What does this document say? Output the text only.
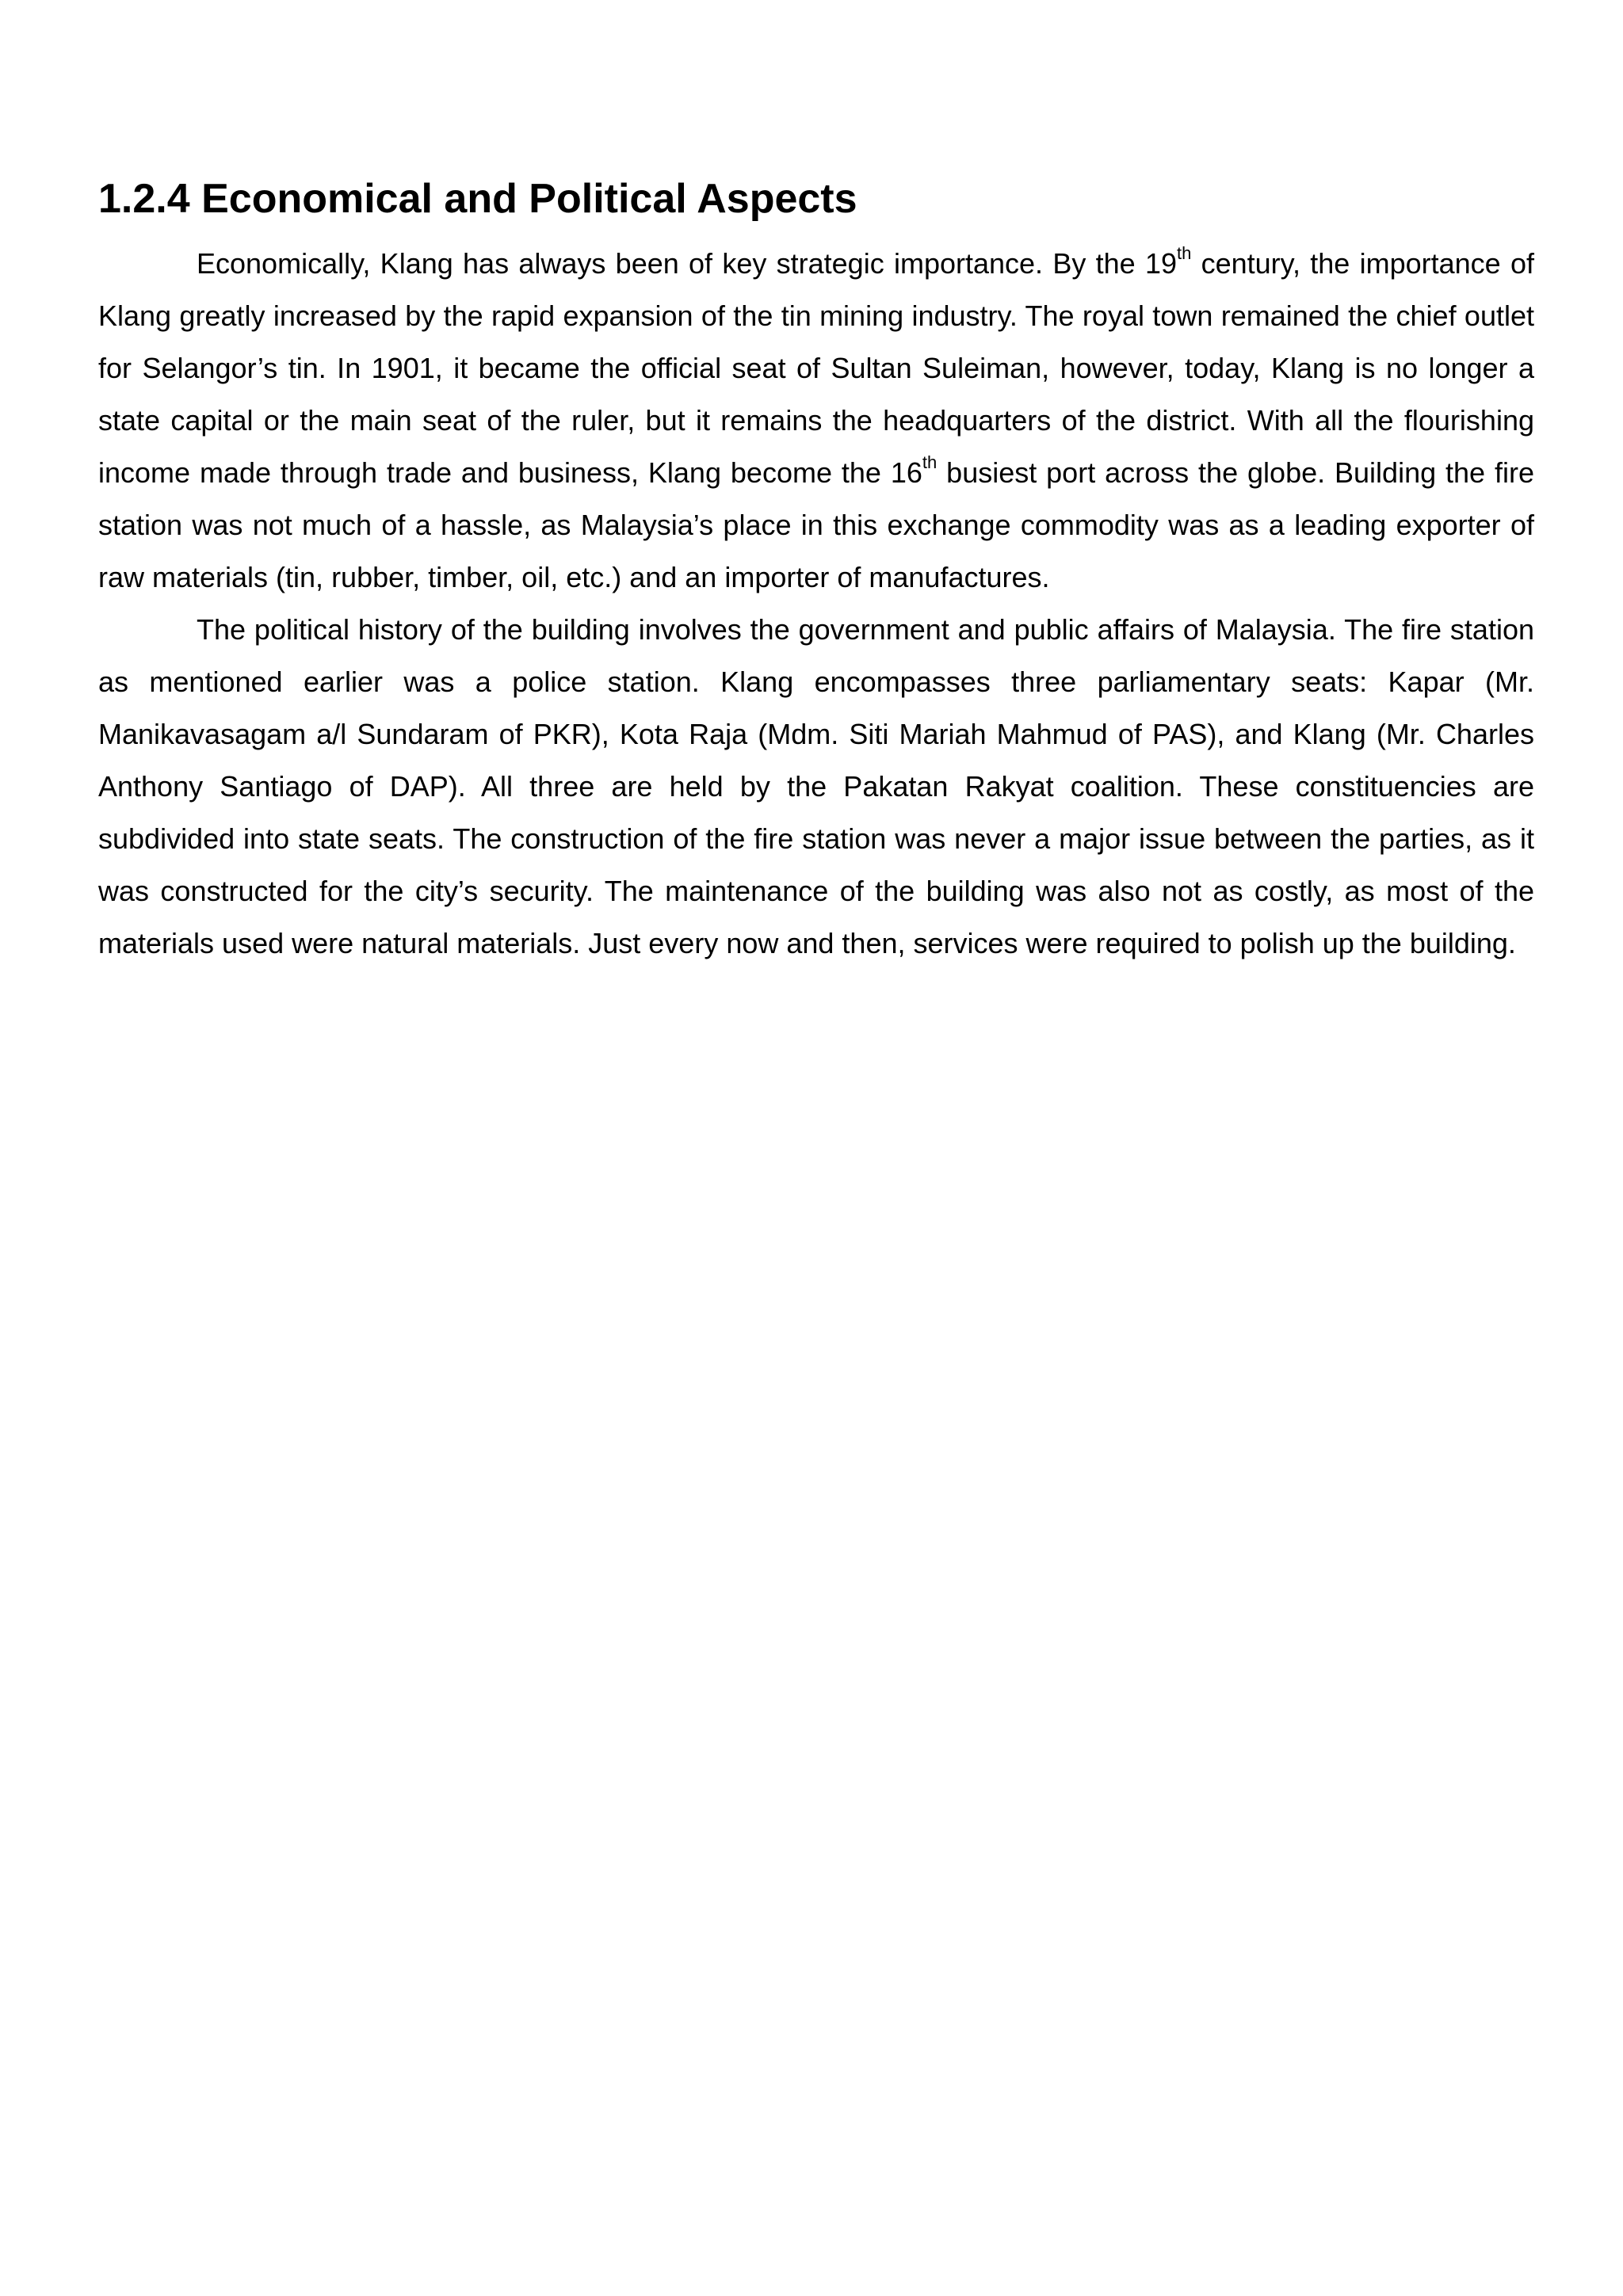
1.2.4 Economical and Political Aspects

Economically, Klang has always been of key strategic importance. By the 19th century, the importance of Klang greatly increased by the rapid expansion of the tin mining industry. The royal town remained the chief outlet for Selangor’s tin. In 1901, it became the official seat of Sultan Suleiman, however, today, Klang is no longer a state capital or the main seat of the ruler, but it remains the headquarters of the district. With all the flourishing income made through trade and business, Klang become the 16th busiest port across the globe. Building the fire station was not much of a hassle, as Malaysia’s place in this exchange commodity was as a leading exporter of raw materials (tin, rubber, timber, oil, etc.) and an importer of manufactures.

The political history of the building involves the government and public affairs of Malaysia. The fire station as mentioned earlier was a police station. Klang encompasses three parliamentary seats: Kapar (Mr. Manikavasagam a/l Sundaram of PKR), Kota Raja (Mdm. Siti Mariah Mahmud of PAS), and Klang (Mr. Charles Anthony Santiago of DAP). All three are held by the Pakatan Rakyat coalition. These constituencies are subdivided into state seats. The construction of the fire station was never a major issue between the parties, as it was constructed for the city’s security. The maintenance of the building was also not as costly, as most of the materials used were natural materials. Just every now and then, services were required to polish up the building.
